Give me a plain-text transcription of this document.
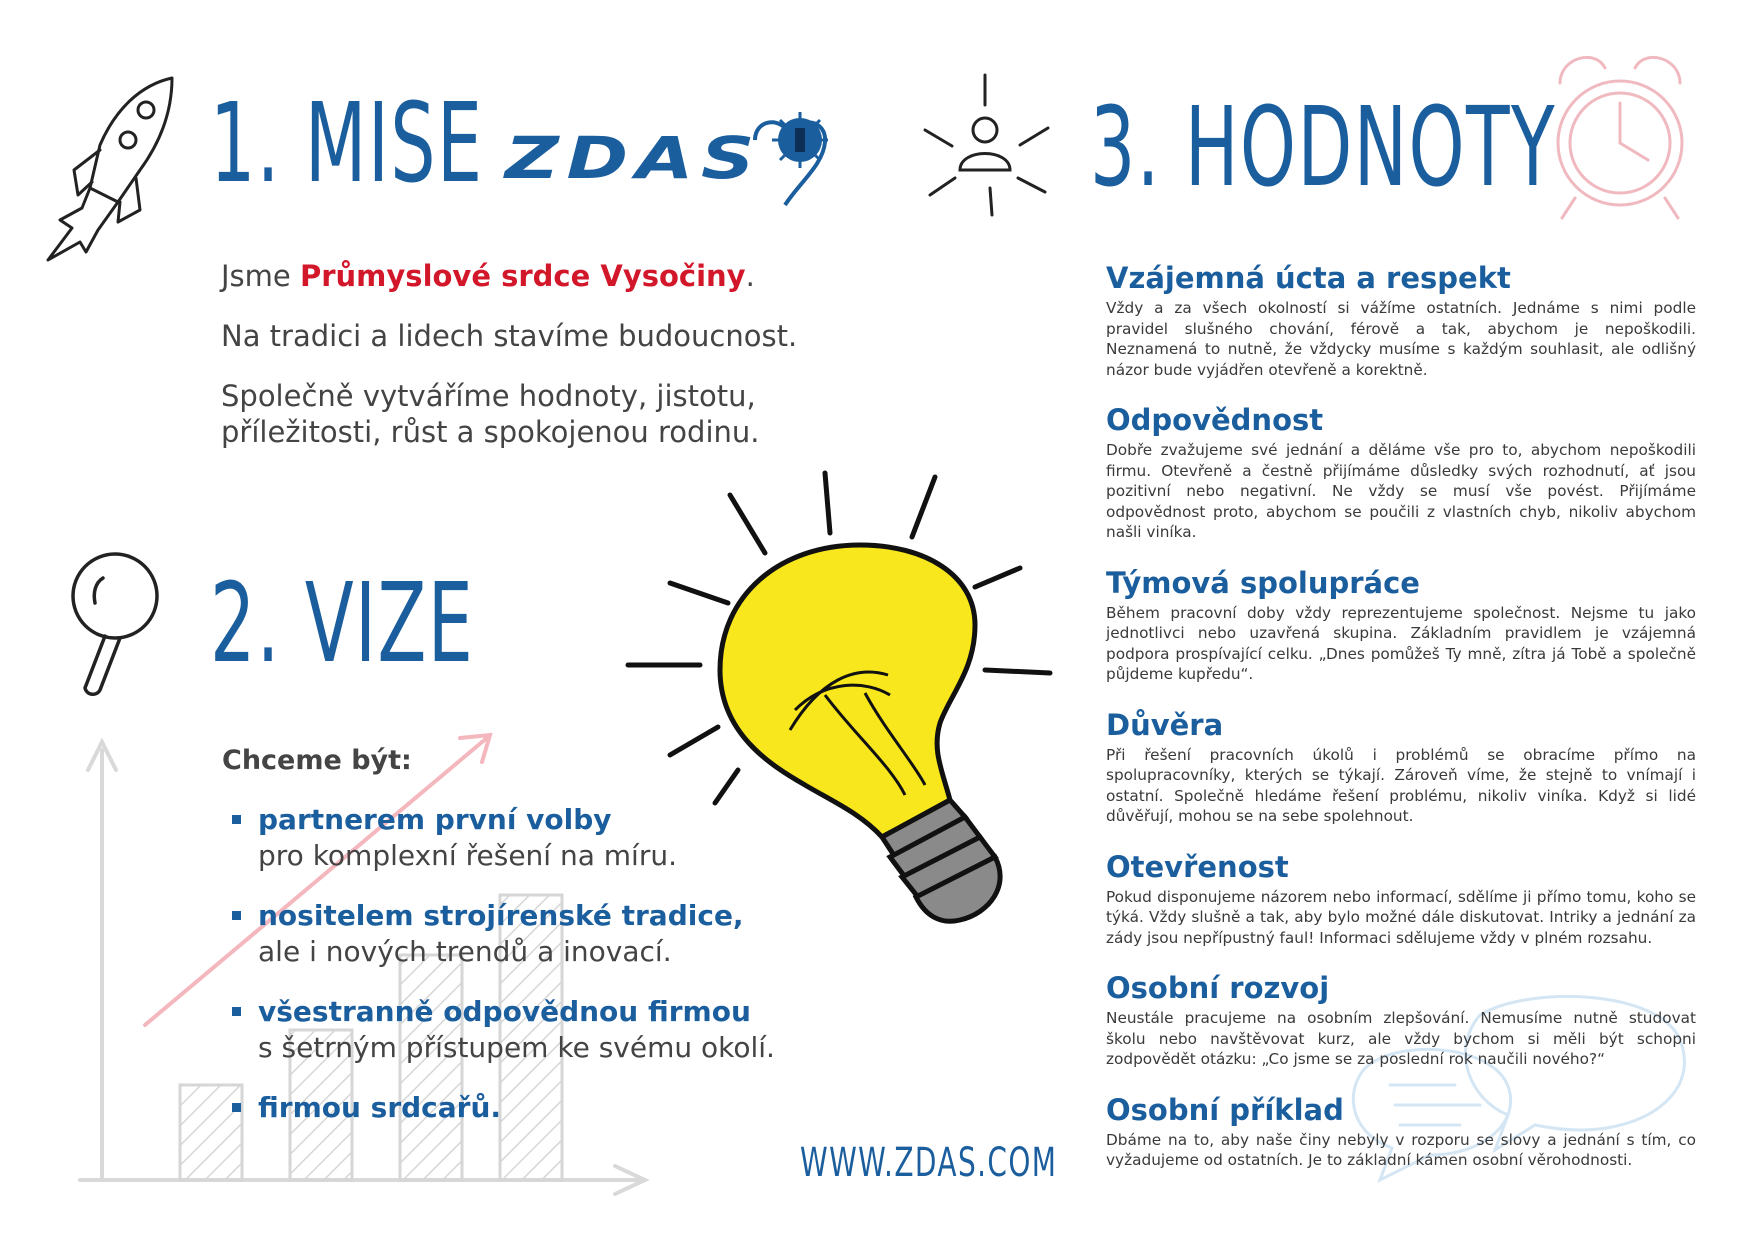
1. MISE ZDAS	3. HODNOTY

Jsme Průmyslové srdce Vysočiny.

Na tradici a lidech stavíme budoucnost.

Společně vytváříme hodnoty, jistotu,
příležitosti, růst a spokojenou rodinu.

2. VIZE
Chceme být:
partnerem první volby
pro komplexní řešení na míru.
nositelem strojírenské tradice,
ale i nových trendů a inovací.
všestranně odpovědnou firmou
s šetrným přístupem ke svému okolí.
firmou srdcařů.
Vzájemná úcta a respekt

Vždy a za všech okolností si vážíme ostatních. Jednáme s nimi podle pravidel slušného chování, férově a tak, abychom je nepoškodili. Neznamená to nutně, že vždycky musíme s každým souhlasit, ale odlišný názor bude vyjádřen otevřeně a korektně.

Odpovědnost

Dobře zvažujeme své jednání a děláme vše pro to, abychom nepoškodili firmu. Otevřeně a čestně přijímáme důsledky svých rozhodnutí, ať jsou pozitivní nebo negativní. Ne vždy se musí vše povést. Přijímáme odpovědnost proto, abychom se poučili z vlastních chyb, nikoliv abychom našli viníka.

Týmová spolupráce

Během pracovní doby vždy reprezentujeme společnost. Nejsme tu jako jednotlivci nebo uzavřená skupina. Základním pravidlem je vzájemná podpora prospívající celku. „Dnes pomůžeš Ty mně, zítra já Tobě a společně půjdeme kupředu“.

Důvěra

Při řešení pracovních úkolů i problémů se obracíme přímo na spolupracovníky, kterých se týkají. Zároveň víme, že stejně to vnímají i ostatní. Společně hledáme řešení problému, nikoliv viníka. Když si lidé důvěřují, mohou se na sebe spolehnout.

Otevřenost

Pokud disponujeme názorem nebo informací, sdělíme ji přímo tomu, koho se týká. Vždy slušně a tak, aby bylo možné dále diskutovat. Intriky a jednání za zády jsou nepřípustný faul! Informaci sdělujeme vždy v plném rozsahu.

Osobní rozvoj

Neustále pracujeme na osobním zlepšování. Nemusíme nutně studovat školu nebo navštěvovat kurz, ale vždy bychom si měli být schopni zodpovědět otázku: „Co jsme se za poslední rok naučili nového?“

Osobní příklad

Dbáme na to, aby naše činy nebyly v rozporu se slovy a jednání s tím, co vyžadujeme od ostatních. Je to základní kámen osobní věrohodnosti.

WWW.ZDAS.COM
